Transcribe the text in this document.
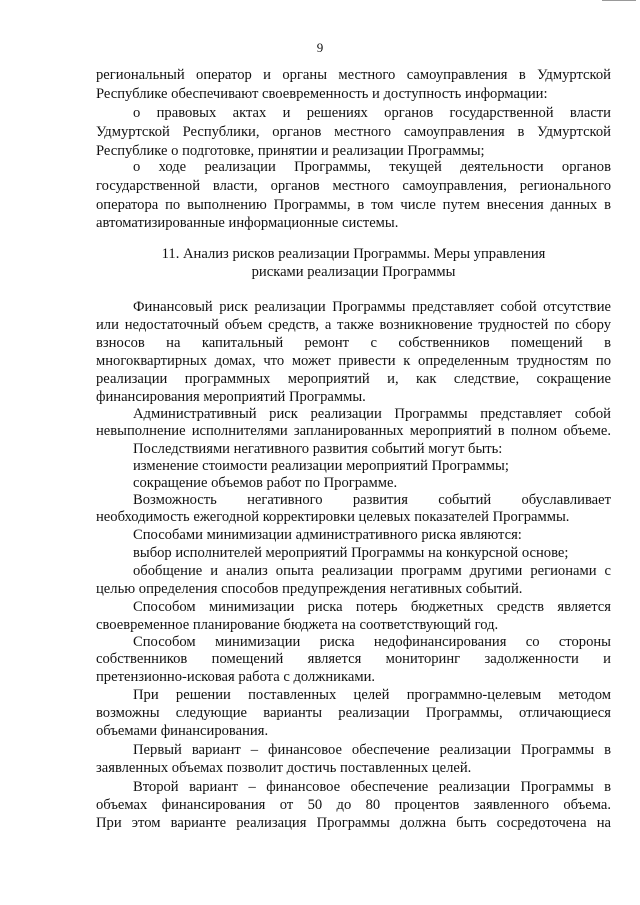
9
региональный оператор и органы местного самоуправления в Удмуртской
Республике обеспечивают своевременность и доступность информации:
о правовых актах и решениях органов государственной власти
Удмуртской Республики, органов местного самоуправления в Удмуртской
Республике о подготовке, принятии и реализации Программы;
о ходе реализации Программы, текущей деятельности органов
государственной власти, органов местного самоуправления, регионального
оператора по выполнению Программы, в том числе путем внесения данных в
автоматизированные информационные системы.
11. Анализ рисков реализации Программы. Меры управления
рисками реализации Программы
Финансовый риск реализации Программы представляет собой отсутствие
или недостаточный объем средств, а также возникновение трудностей по сбору
взносов на капитальный ремонт с собственников помещений в
многоквартирных домах, что может привести к определенным трудностям по
реализации программных мероприятий и, как следствие, сокращение
финансирования мероприятий Программы.
Административный риск реализации Программы представляет собой
невыполнение исполнителями запланированных мероприятий в полном объеме.
Последствиями негативного развития событий могут быть:
изменение стоимости реализации мероприятий Программы;
сокращение объемов работ по Программе.
Возможность негативного развития событий обуславливает
необходимость ежегодной корректировки целевых показателей Программы.
Способами минимизации административного риска являются:
выбор исполнителей мероприятий Программы на конкурсной основе;
обобщение и анализ опыта реализации программ другими регионами с
целью определения способов предупреждения негативных событий.
Способом минимизации риска потерь бюджетных средств является
своевременное планирование бюджета на соответствующий год.
Способом минимизации риска недофинансирования со стороны
собственников помещений является мониторинг задолженности и
претензионно-исковая работа с должниками.
При решении поставленных целей программно-целевым методом
возможны следующие варианты реализации Программы, отличающиеся
объемами финансирования.
Первый вариант – финансовое обеспечение реализации Программы в
заявленных объемах позволит достичь поставленных целей.
Второй вариант – финансовое обеспечение реализации Программы в
объемах финансирования от 50 до 80 процентов заявленного объема.
При этом варианте реализация Программы должна быть сосредоточена на
